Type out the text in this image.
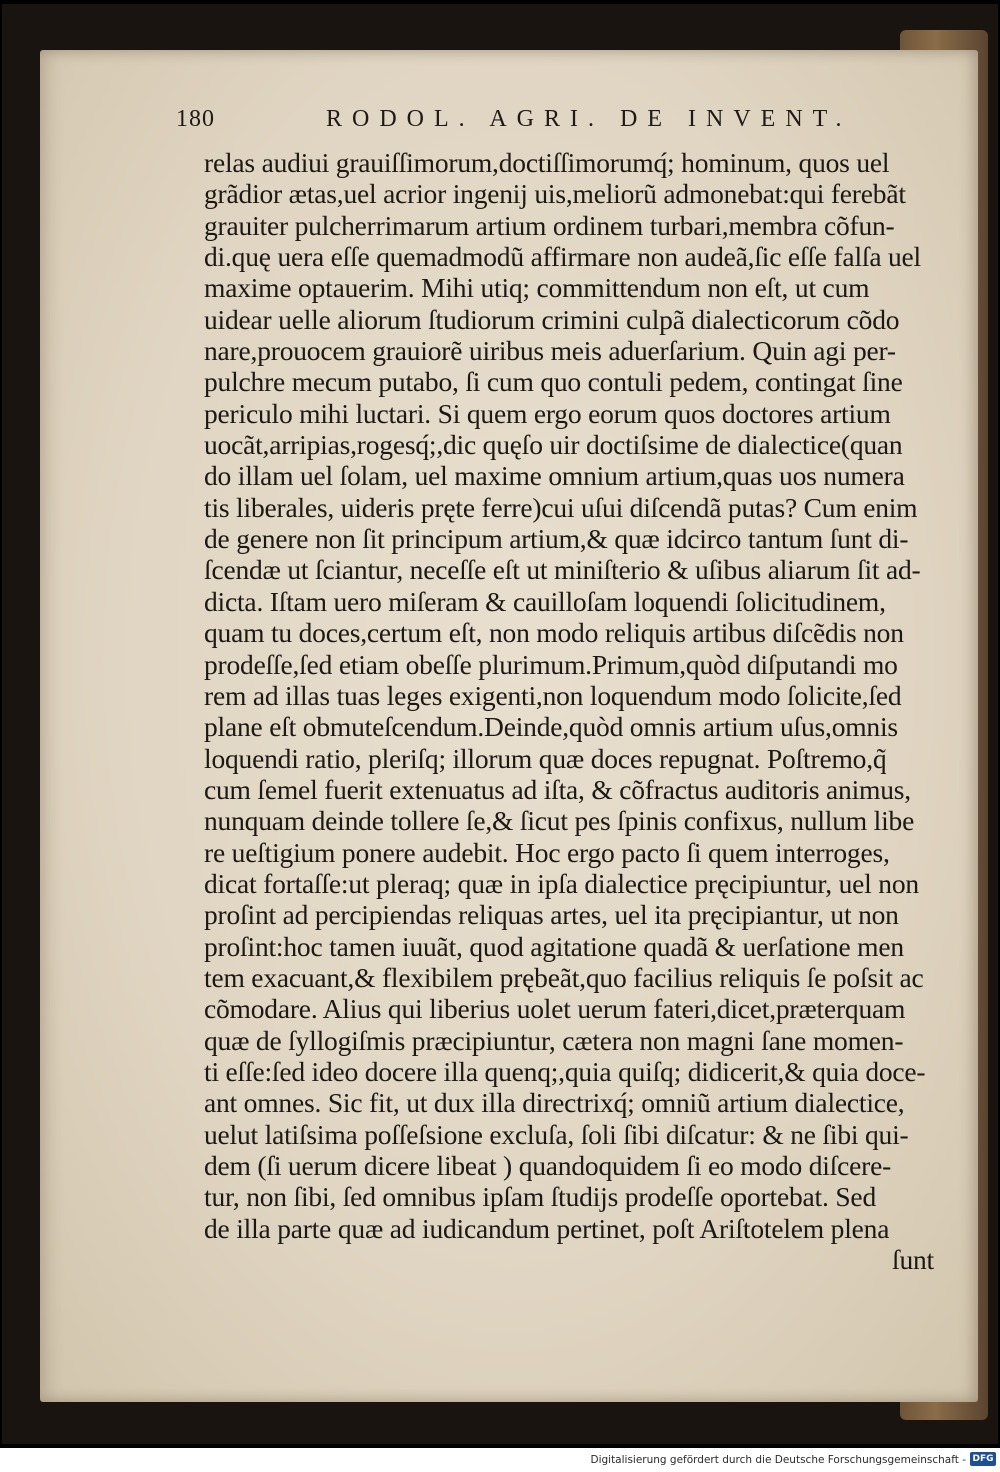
180	RODOL. AGRI. DE INVENT.
relas audiui grauiſſimorum,doctiſſimorumq́; hominum, quos uel
grãdior ætas,uel acrior ingenij uis,meliorũ admonebat:qui ferebãt
grauiter pulcherrimarum artium ordinem turbari,membra cõfun-
di.quę uera eſſe quemadmodũ affirmare non audeã,ſic eſſe falſa uel
maxime optauerim. Mihi utiq; committendum non eſt, ut cum
uidear uelle aliorum ſtudiorum crimini culpã dialecticorum cõdo
nare,prouocem grauiorẽ uiribus meis aduerſarium. Quin agi per-
pulchre mecum putabo, ſi cum quo contuli pedem, contingat ſine
periculo mihi luctari. Si quem ergo eorum quos doctores artium
uocãt,arripias,rogesq́;,dic quęſo uir doctiſsime de dialectice(quan
do illam uel ſolam, uel maxime omnium artium,quas uos numera
tis liberales, uideris pręte ferre)cui uſui diſcendã putas? Cum enim
de genere non ſit principum artium,& quæ idcirco tantum ſunt di-
ſcendæ ut ſciantur, neceſſe eſt ut miniſterio & uſibus aliarum ſit ad-
dicta. Iſtam uero miſeram & cauilloſam loquendi ſolicitudinem,
quam tu doces,certum eſt, non modo reliquis artibus diſcẽdis non
prodeſſe,ſed etiam obeſſe plurimum.Primum,quòd diſputandi mo
rem ad illas tuas leges exigenti,non loquendum modo ſolicite,ſed
plane eſt obmuteſcendum.Deinde,quòd omnis artium uſus,omnis
loquendi ratio, pleriſq; illorum quæ doces repugnat. Poſtremo,q̃
cum ſemel fuerit extenuatus ad iſta, & cõfractus auditoris animus,
nunquam deinde tollere ſe,& ſicut pes ſpinis confixus, nullum libe
re ueſtigium ponere audebit. Hoc ergo pacto ſi quem interroges,
dicat fortaſſe:ut pleraq; quæ in ipſa dialectice pręcipiuntur, uel non
proſint ad percipiendas reliquas artes, uel ita pręcipiantur, ut non
proſint:hoc tamen iuuãt, quod agitatione quadã & uerſatione men
tem exacuant,& flexibilem prębeãt,quo facilius reliquis ſe poſsit ac
cõmodare. Alius qui liberius uolet uerum fateri,dicet,præterquam
quæ de ſyllogiſmis præcipiuntur, cætera non magni ſane momen-
ti eſſe:ſed ideo docere illa quenq;,quia quiſq; didicerit,& quia doce-
ant omnes. Sic fit, ut dux illa directrixq́; omniũ artium dialectice,
uelut latiſsima poſſeſsione excluſa, ſoli ſibi diſcatur: & ne ſibi qui-
dem (ſi uerum dicere libeat ) quandoquidem ſi eo modo diſcere-
tur, non ſibi, ſed omnibus ipſam ſtudijs prodeſſe oportebat. Sed
de illa parte quæ ad iudicandum pertinet, poſt Ariſtotelem plena
ſunt
Digitalisierung gefördert durch die Deutsche Forschungsgemeinschaft - DFG
